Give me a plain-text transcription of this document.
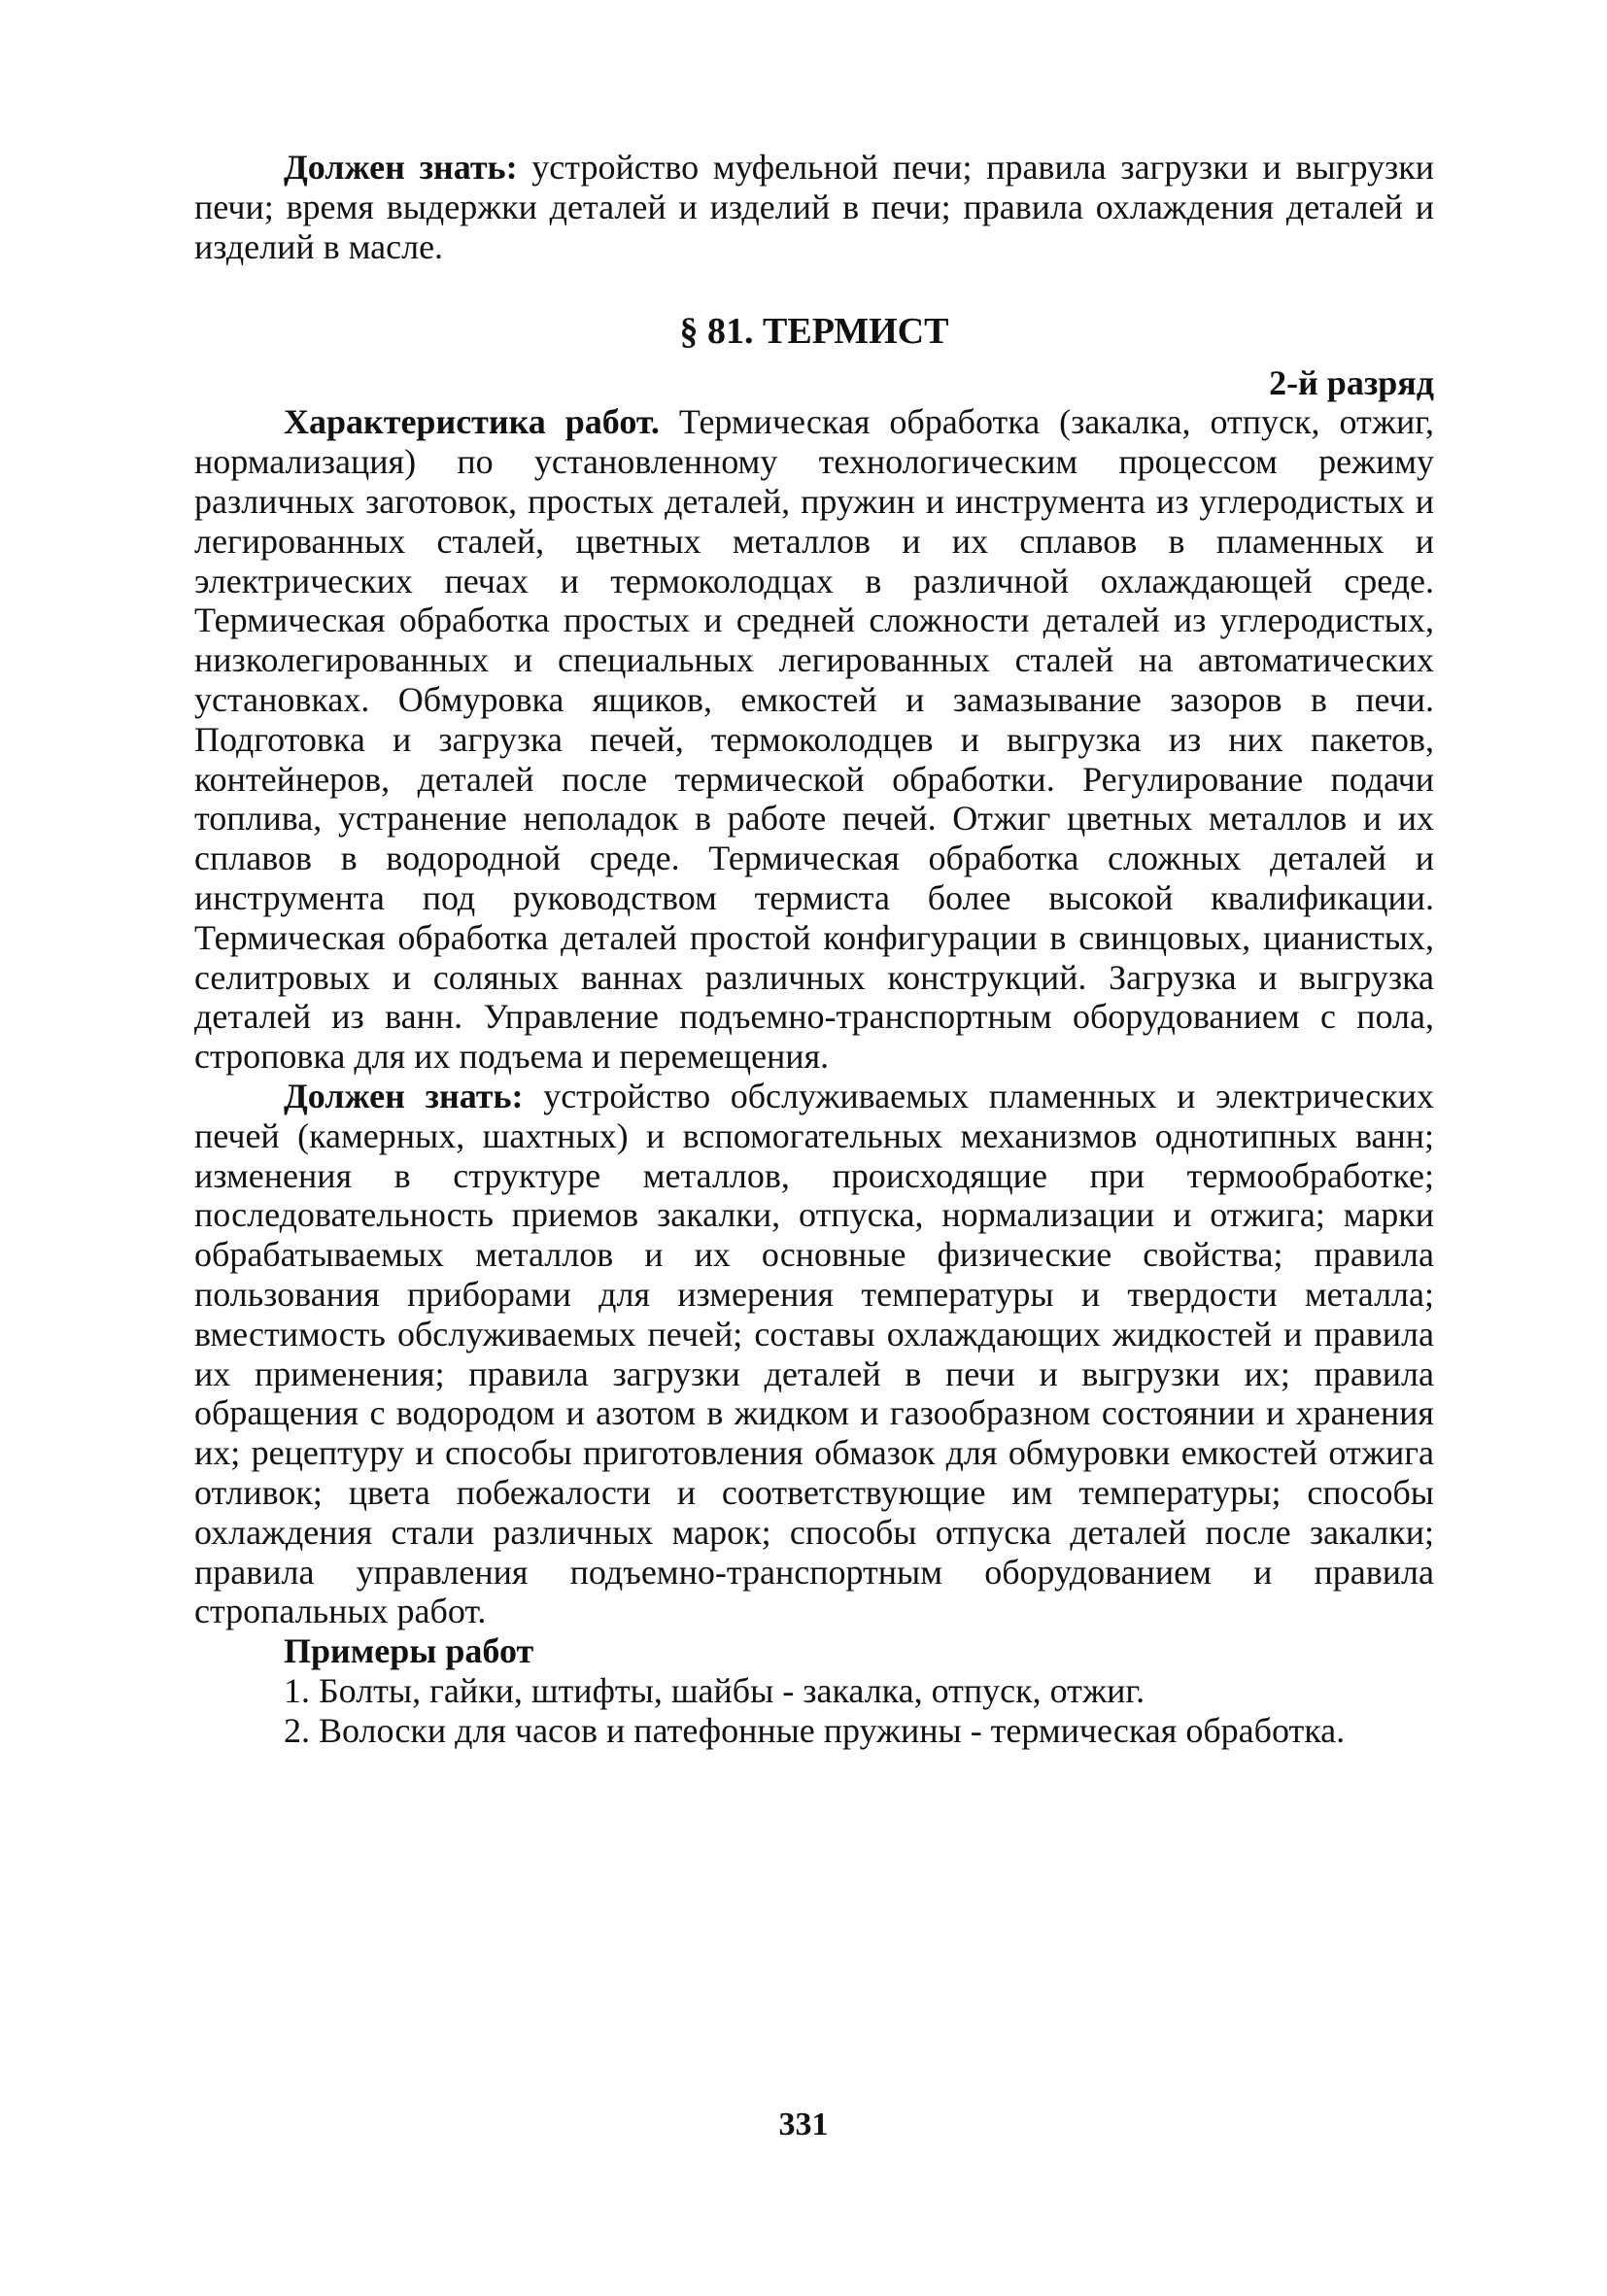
Должен знать: устройство муфельной печи; правила загрузки и выгрузки печи; время выдержки деталей и изделий в печи; правила охлаждения деталей и изделий в масле.

§ 81. ТЕРМИСТ
2-й разряд

Характеристика работ. Термическая обработка (закалка, отпуск, отжиг, нормализация) по установленному технологическим процессом режиму различных заготовок, простых деталей, пружин и инструмента из углеродистых и легированных сталей, цветных металлов и их сплавов в пламенных и электрических печах и термоколодцах в различной охлаждающей среде. Термическая обработка простых и средней сложности деталей из углеродистых, низколегированных и специальных легированных сталей на автоматических установках. Обмуровка ящиков, емкостей и замазывание зазоров в печи. Подготовка и загрузка печей, термоколодцев и выгрузка из них пакетов, контейнеров, деталей после термической обработки. Регулирование подачи топлива, устранение неполадок в работе печей. Отжиг цветных металлов и их сплавов в водородной среде. Термическая обработка сложных деталей и инструмента под руководством термиста более высокой квалификации. Термическая обработка деталей простой конфигурации в свинцовых, цианистых, селитровых и соляных ваннах различных конструкций. Загрузка и выгрузка деталей из ванн. Управление подъемно-транспортным оборудованием с пола, строповка для их подъема и перемещения.

Должен знать: устройство обслуживаемых пламенных и электрических печей (камерных, шахтных) и вспомогательных механизмов однотипных ванн; изменения в структуре металлов, происходящие при термообработке; последовательность приемов закалки, отпуска, нормализации и отжига; марки обрабатываемых металлов и их основные физические свойства; правила пользования приборами для измерения температуры и твердости металла; вместимость обслуживаемых печей; составы охлаждающих жидкостей и правила их применения; правила загрузки деталей в печи и выгрузки их; правила обращения с водородом и азотом в жидком и газообразном состоянии и хранения их; рецептуру и способы приготовления обмазок для обмуровки емкостей отжига отливок; цвета побежалости и соответствующие им температуры; способы охлаждения стали различных марок; способы отпуска деталей после закалки; правила управления подъемно-транспортным оборудованием и правила стропальных работ.

Примеры работ

1. Болты, гайки, штифты, шайбы - закалка, отпуск, отжиг.

2. Волоски для часов и патефонные пружины - термическая обработка.

331
